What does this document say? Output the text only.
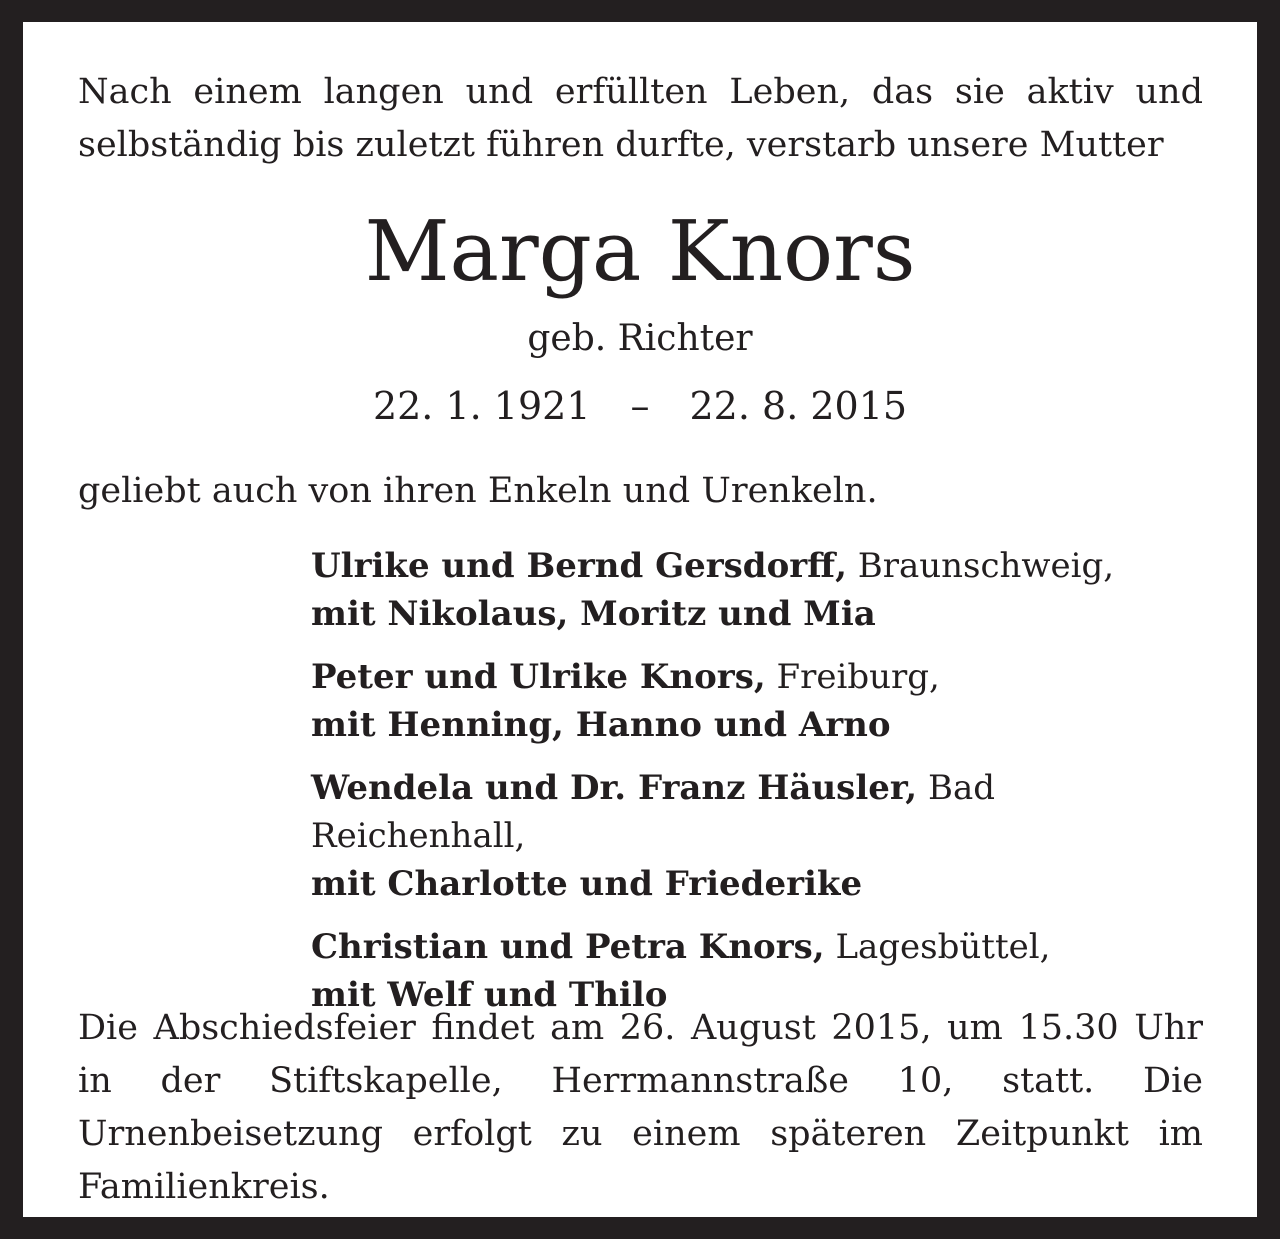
Nach einem langen und erfüllten Leben, das sie aktiv und selbständig bis zuletzt führen durfte, verstarb unsere Mutter

Marga Knors
geb. Richter
22. 1. 1921 – 22. 8. 2015

geliebt auch von ihren Enkeln und Urenkeln.

Ulrike und Bernd Gersdorff, Braunschweig,
mit Nikolaus, Moritz und Mia
Peter und Ulrike Knors, Freiburg,
mit Henning, Hanno und Arno
Wendela und Dr. Franz Häusler, Bad Reichenhall,
mit Charlotte und Friederike
Christian und Petra Knors, Lagesbüttel,
mit Welf und Thilo

Die Abschiedsfeier findet am 26. August 2015, um 15.30 Uhr in der Stiftskapelle, Herrmannstraße 10, statt. Die Urnenbeisetzung erfolgt zu einem späteren Zeitpunkt im Familienkreis.
